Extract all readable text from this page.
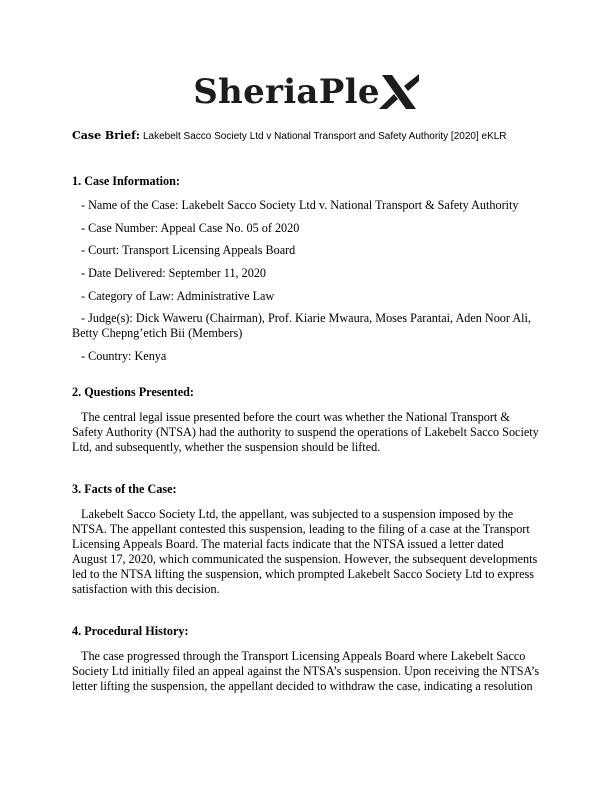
SheriaPle
Case Brief: Lakebelt Sacco Society Ltd v National Transport and Safety Authority [2020] eKLR

1. Case Information:

- Name of the Case: Lakebelt Sacco Society Ltd v. National Transport & Safety Authority

- Case Number: Appeal Case No. 05 of 2020

- Court: Transport Licensing Appeals Board

- Date Delivered: September 11, 2020

- Category of Law: Administrative Law

- Judge(s): Dick Waweru (Chairman), Prof. Kiarie Mwaura, Moses Parantai, Aden Noor Ali, Betty Chepng’etich Bii (Members)

- Country: Kenya

2. Questions Presented:

The central legal issue presented before the court was whether the National Transport & Safety Authority (NTSA) had the authority to suspend the operations of Lakebelt Sacco Society Ltd, and subsequently, whether the suspension should be lifted.

3. Facts of the Case:

Lakebelt Sacco Society Ltd, the appellant, was subjected to a suspension imposed by the NTSA. The appellant contested this suspension, leading to the filing of a case at the Transport Licensing Appeals Board. The material facts indicate that the NTSA issued a letter dated August 17, 2020, which communicated the suspension. However, the subsequent developments led to the NTSA lifting the suspension, which prompted Lakebelt Sacco Society Ltd to express satisfaction with this decision.

4. Procedural History:

The case progressed through the Transport Licensing Appeals Board where Lakebelt Sacco Society Ltd initially filed an appeal against the NTSA’s suspension. Upon receiving the NTSA’s letter lifting the suspension, the appellant decided to withdraw the case, indicating a resolution
